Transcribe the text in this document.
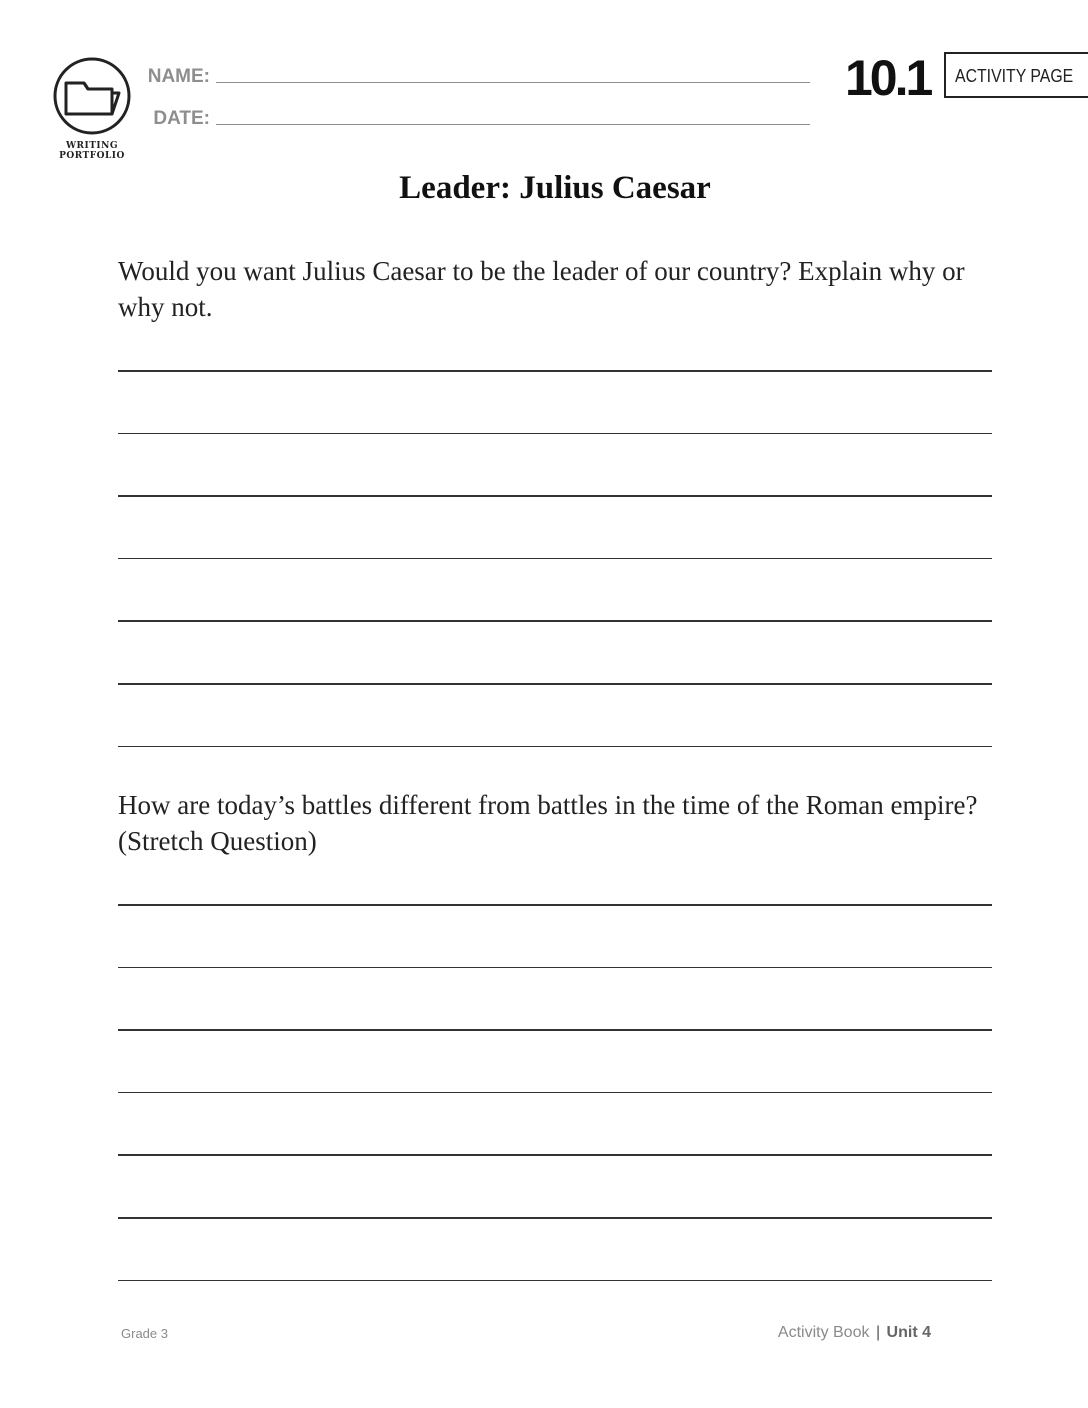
WRITING
PORTFOLIO
NAME:
DATE:
10.1	ACTIVITY PAGE
Leader: Julius Caesar
Would you want Julius Caesar to be the leader of our country? Explain why or why not.
How are today’s battles different from battles in the time of the Roman empire? (Stretch Question)
Grade 3	Activity Book | Unit 4
